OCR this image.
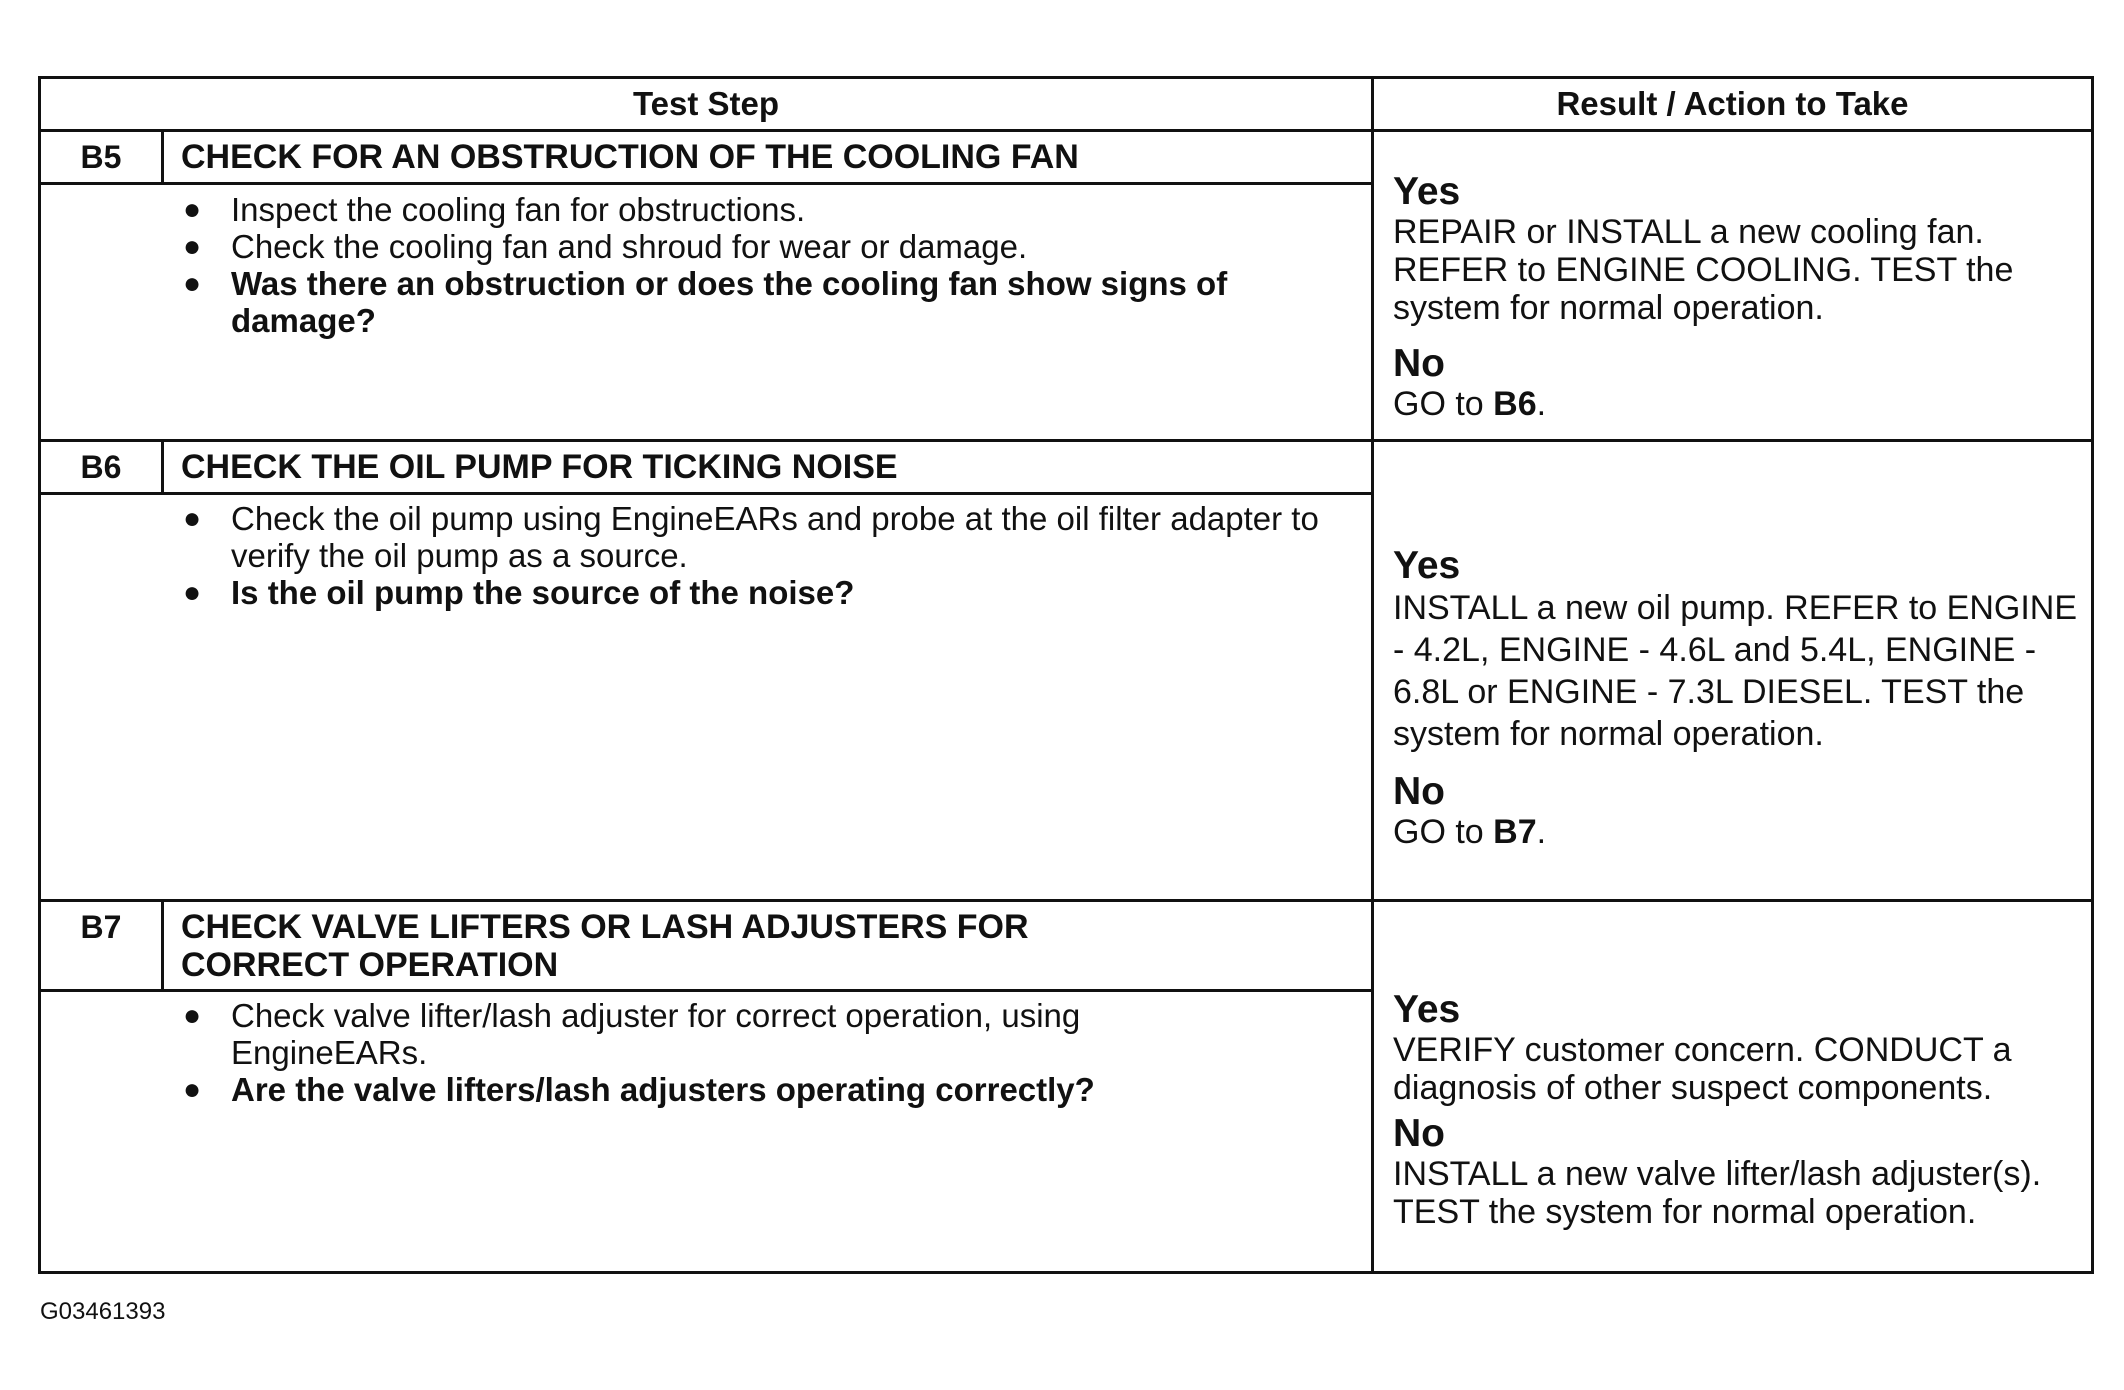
Test Step	Result / Action to Take
B5	CHECK FOR AN OBSTRUCTION OF THE COOLING FAN
● Inspect the cooling fan for obstructions.
● Check the cooling fan and shroud for wear or damage.
● Was there an obstruction or does the cooling fan show signs of damage?
Yes
REPAIR or INSTALL a new cooling fan. REFER to ENGINE COOLING. TEST the system for normal operation.
No
GO to B6.
B6	CHECK THE OIL PUMP FOR TICKING NOISE
● Check the oil pump using EngineEARs and probe at the oil filter adapter to verify the oil pump as a source.
● Is the oil pump the source of the noise?
Yes
INSTALL a new oil pump. REFER to ENGINE - 4.2L, ENGINE - 4.6L and 5.4L, ENGINE - 6.8L or ENGINE - 7.3L DIESEL. TEST the system for normal operation.
No
GO to B7.
B7	CHECK VALVE LIFTERS OR LASH ADJUSTERS FOR CORRECT OPERATION
● Check valve lifter/lash adjuster for correct operation, using EngineEARs.
● Are the valve lifters/lash adjusters operating correctly?
Yes
VERIFY customer concern. CONDUCT a diagnosis of other suspect components.
No
INSTALL a new valve lifter/lash adjuster(s). TEST the system for normal operation.
G03461393
